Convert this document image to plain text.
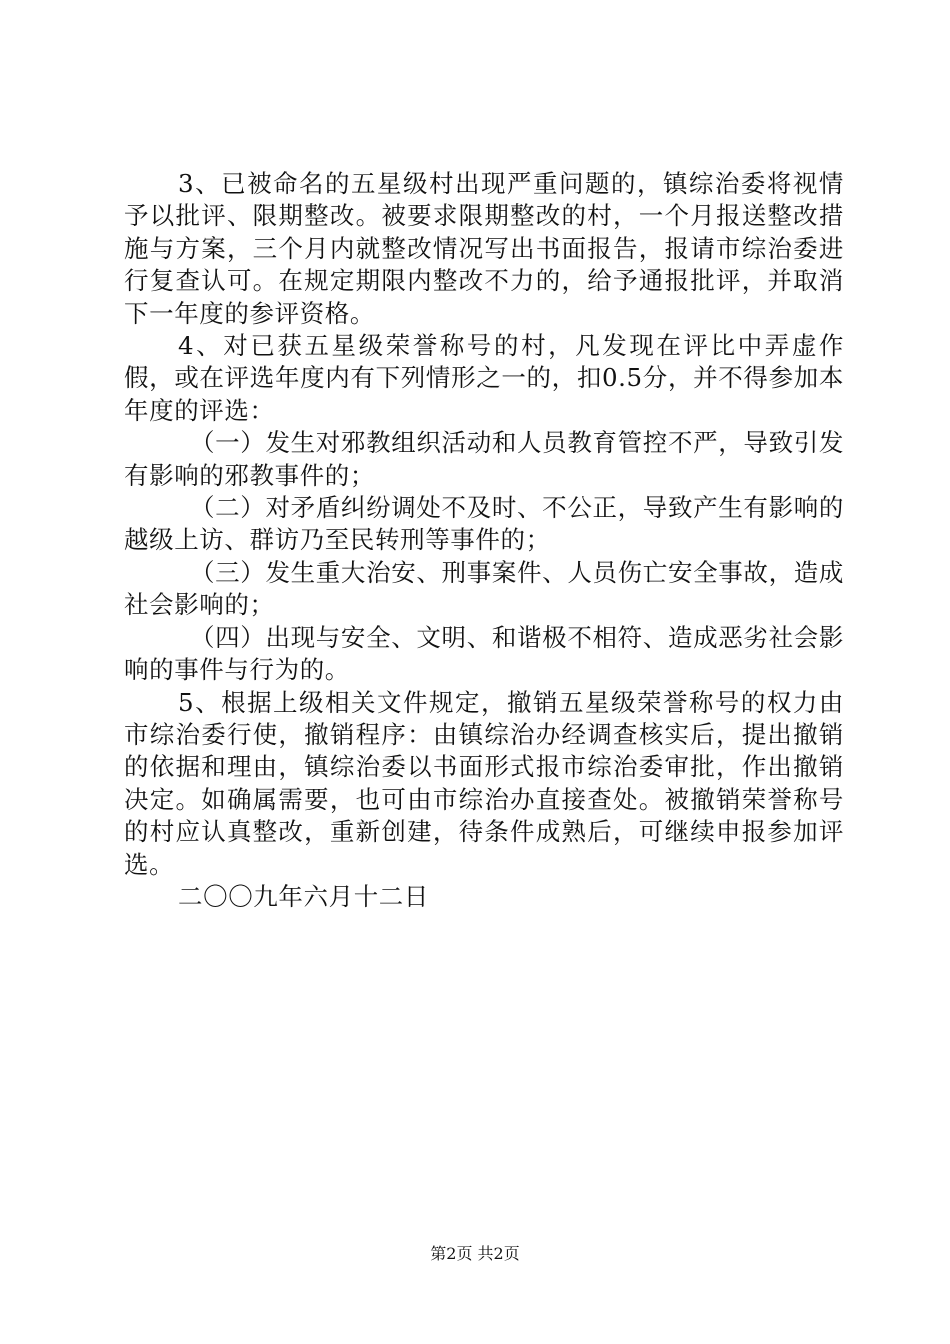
3、已被命名的五星级村出现严重问题的，镇综治委将视情予以批评、限期整改。被要求限期整改的村，一个月报送整改措施与方案，三个月内就整改情况写出书面报告，报请市综治委进行复查认可。在规定期限内整改不力的，给予通报批评，并取消下一年度的参评资格。

4、对已获五星级荣誉称号的村，凡发现在评比中弄虚作假，或在评选年度内有下列情形之一的，扣0.5分，并不得参加本年度的评选：

（一）发生对邪教组织活动和人员教育管控不严，导致引发有影响的邪教事件的；

（二）对矛盾纠纷调处不及时、不公正，导致产生有影响的越级上访、群访乃至民转刑等事件的；

（三）发生重大治安、刑事案件、人员伤亡安全事故，造成社会影响的；

（四）出现与安全、文明、和谐极不相符、造成恶劣社会影响的事件与行为的。

5、根据上级相关文件规定，撤销五星级荣誉称号的权力由市综治委行使，撤销程序：由镇综治办经调查核实后，提出撤销的依据和理由，镇综治委以书面形式报市综治委审批，作出撤销决定。如确属需要，也可由市综治办直接查处。被撤销荣誉称号的村应认真整改，重新创建，待条件成熟后，可继续申报参加评选。

二〇〇九年六月十二日

第2页 共2页
